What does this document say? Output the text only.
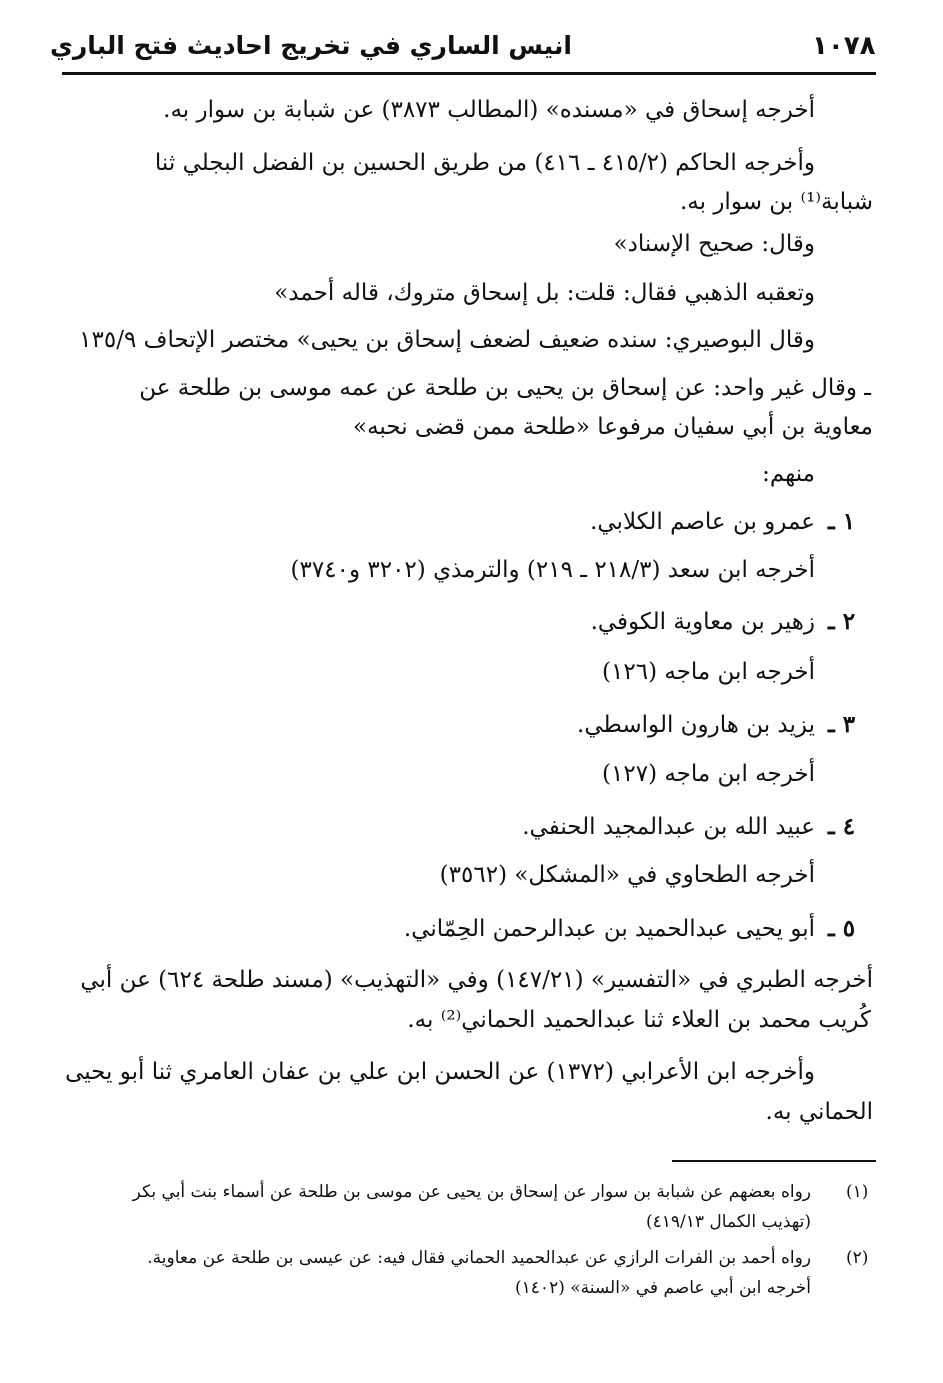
١٠٧٨
انيس الساري في تخريج احاديث فتح الباري
أخرجه إسحاق في «مسنده» (المطالب ٣٨٧٣) عن شبابة بن سوار به.
وأخرجه الحاكم (٤١٥/٢ ـ ٤١٦) من طريق الحسين بن الفضل البجلي ثنا
شبابة⁽¹⁾ بن سوار به.
وقال: صحيح الإسناد»
وتعقبه الذهبي فقال: قلت: بل إسحاق متروك، قاله أحمد»
وقال البوصيري: سنده ضعيف لضعف إسحاق بن يحيى» مختصر الإتحاف ١٣٥/٩
ـ وقال غير واحد: عن إسحاق بن يحيى بن طلحة عن عمه موسى بن طلحة عن
معاوية بن أبي سفيان مرفوعا «طلحة ممن قضى نحبه»
منهم:
١ ـ
عمرو بن عاصم الكلابي.
أخرجه ابن سعد (٢١٨/٣ ـ ٢١٩) والترمذي (٣٢٠٢ و٣٧٤٠)
٢ ـ
زهير بن معاوية الكوفي.
أخرجه ابن ماجه (١٢٦)
٣ ـ
يزيد بن هارون الواسطي.
أخرجه ابن ماجه (١٢٧)
٤ ـ
عبيد الله بن عبدالمجيد الحنفي.
أخرجه الطحاوي في «المشكل» (٣٥٦٢)
٥ ـ
أبو يحيى عبدالحميد بن عبدالرحمن الحِمّاني.
أخرجه الطبري في «التفسير» (١٤٧/٢١) وفي «التهذيب» (مسند طلحة ٦٢٤) عن أبي
كُريب محمد بن العلاء ثنا عبدالحميد الحماني⁽²⁾ به.
وأخرجه ابن الأعرابي (١٣٧٢) عن الحسن ابن علي بن عفان العامري ثنا أبو يحيى
الحماني به.
(١)
رواه بعضهم عن شبابة بن سوار عن إسحاق بن يحيى عن موسى بن طلحة عن أسماء بنت أبي بكر
(تهذيب الكمال ٤١٩/١٣)
(٢)
رواه أحمد بن الفرات الرازي عن عبدالحميد الحماني فقال فيه: عن عيسى بن طلحة عن معاوية.
أخرجه ابن أبي عاصم في «السنة» (١٤٠٢)
